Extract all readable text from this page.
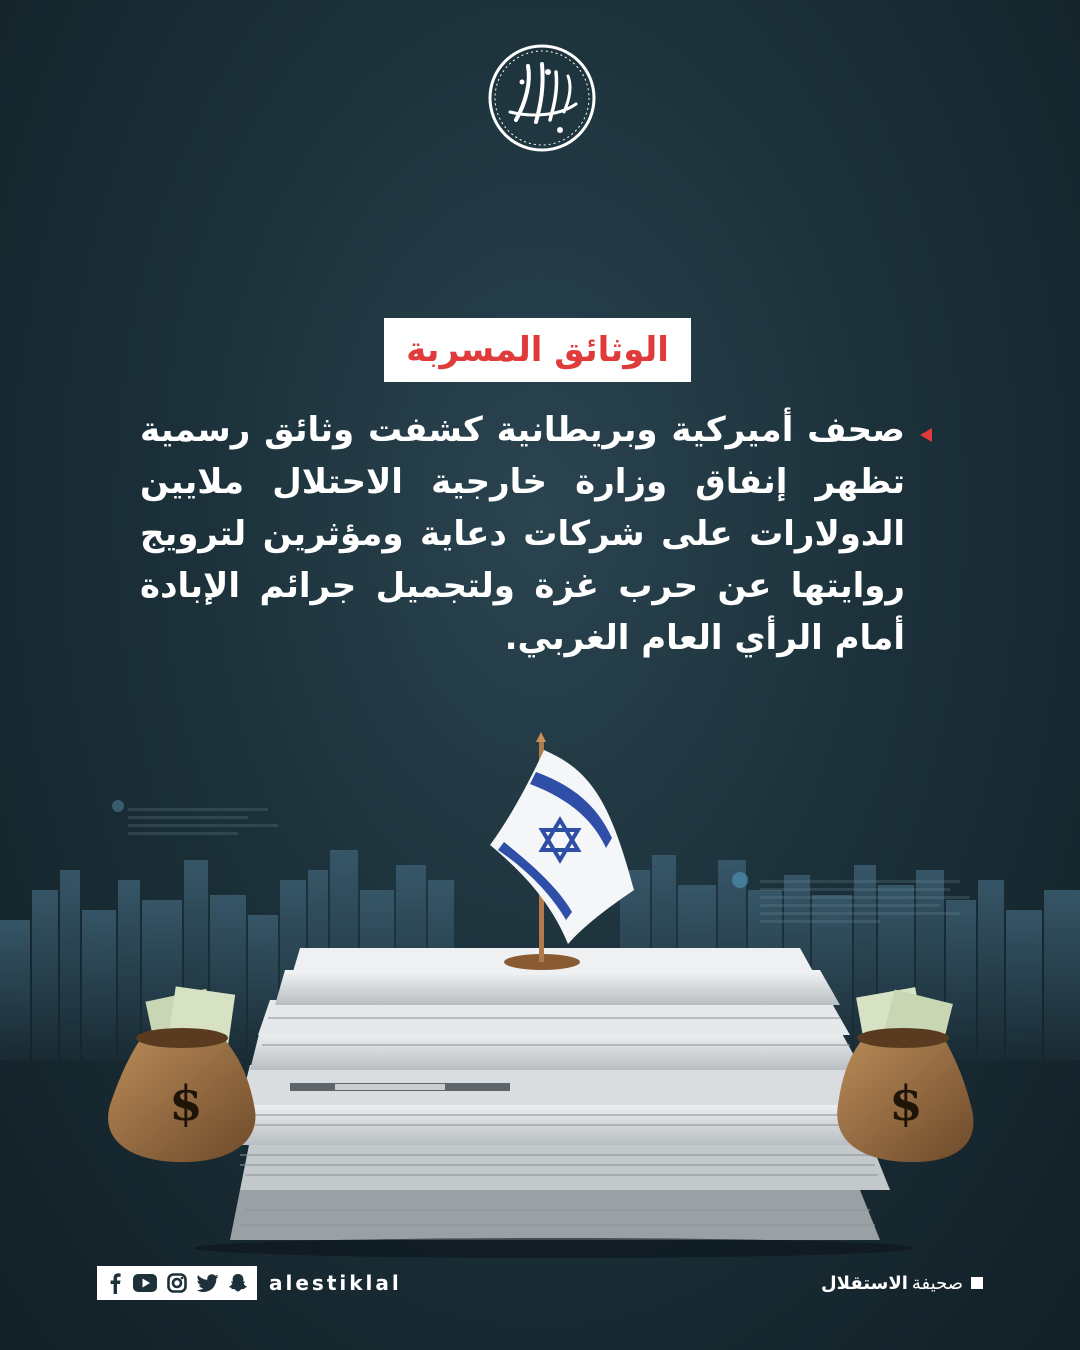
الوثائق المسربة
صحف أميركية وبريطانية كشفت وثائق رسمية تظهر إنفاق وزارة خارجية الاحتلال ملايين الدولارات على شركات دعاية ومؤثرين لترويج روايتها عن حرب غزة ولتجميل جرائم الإبادة أمام الرأي العام الغربي.
$	$
alestiklal	صحيفة
الاستقلال
